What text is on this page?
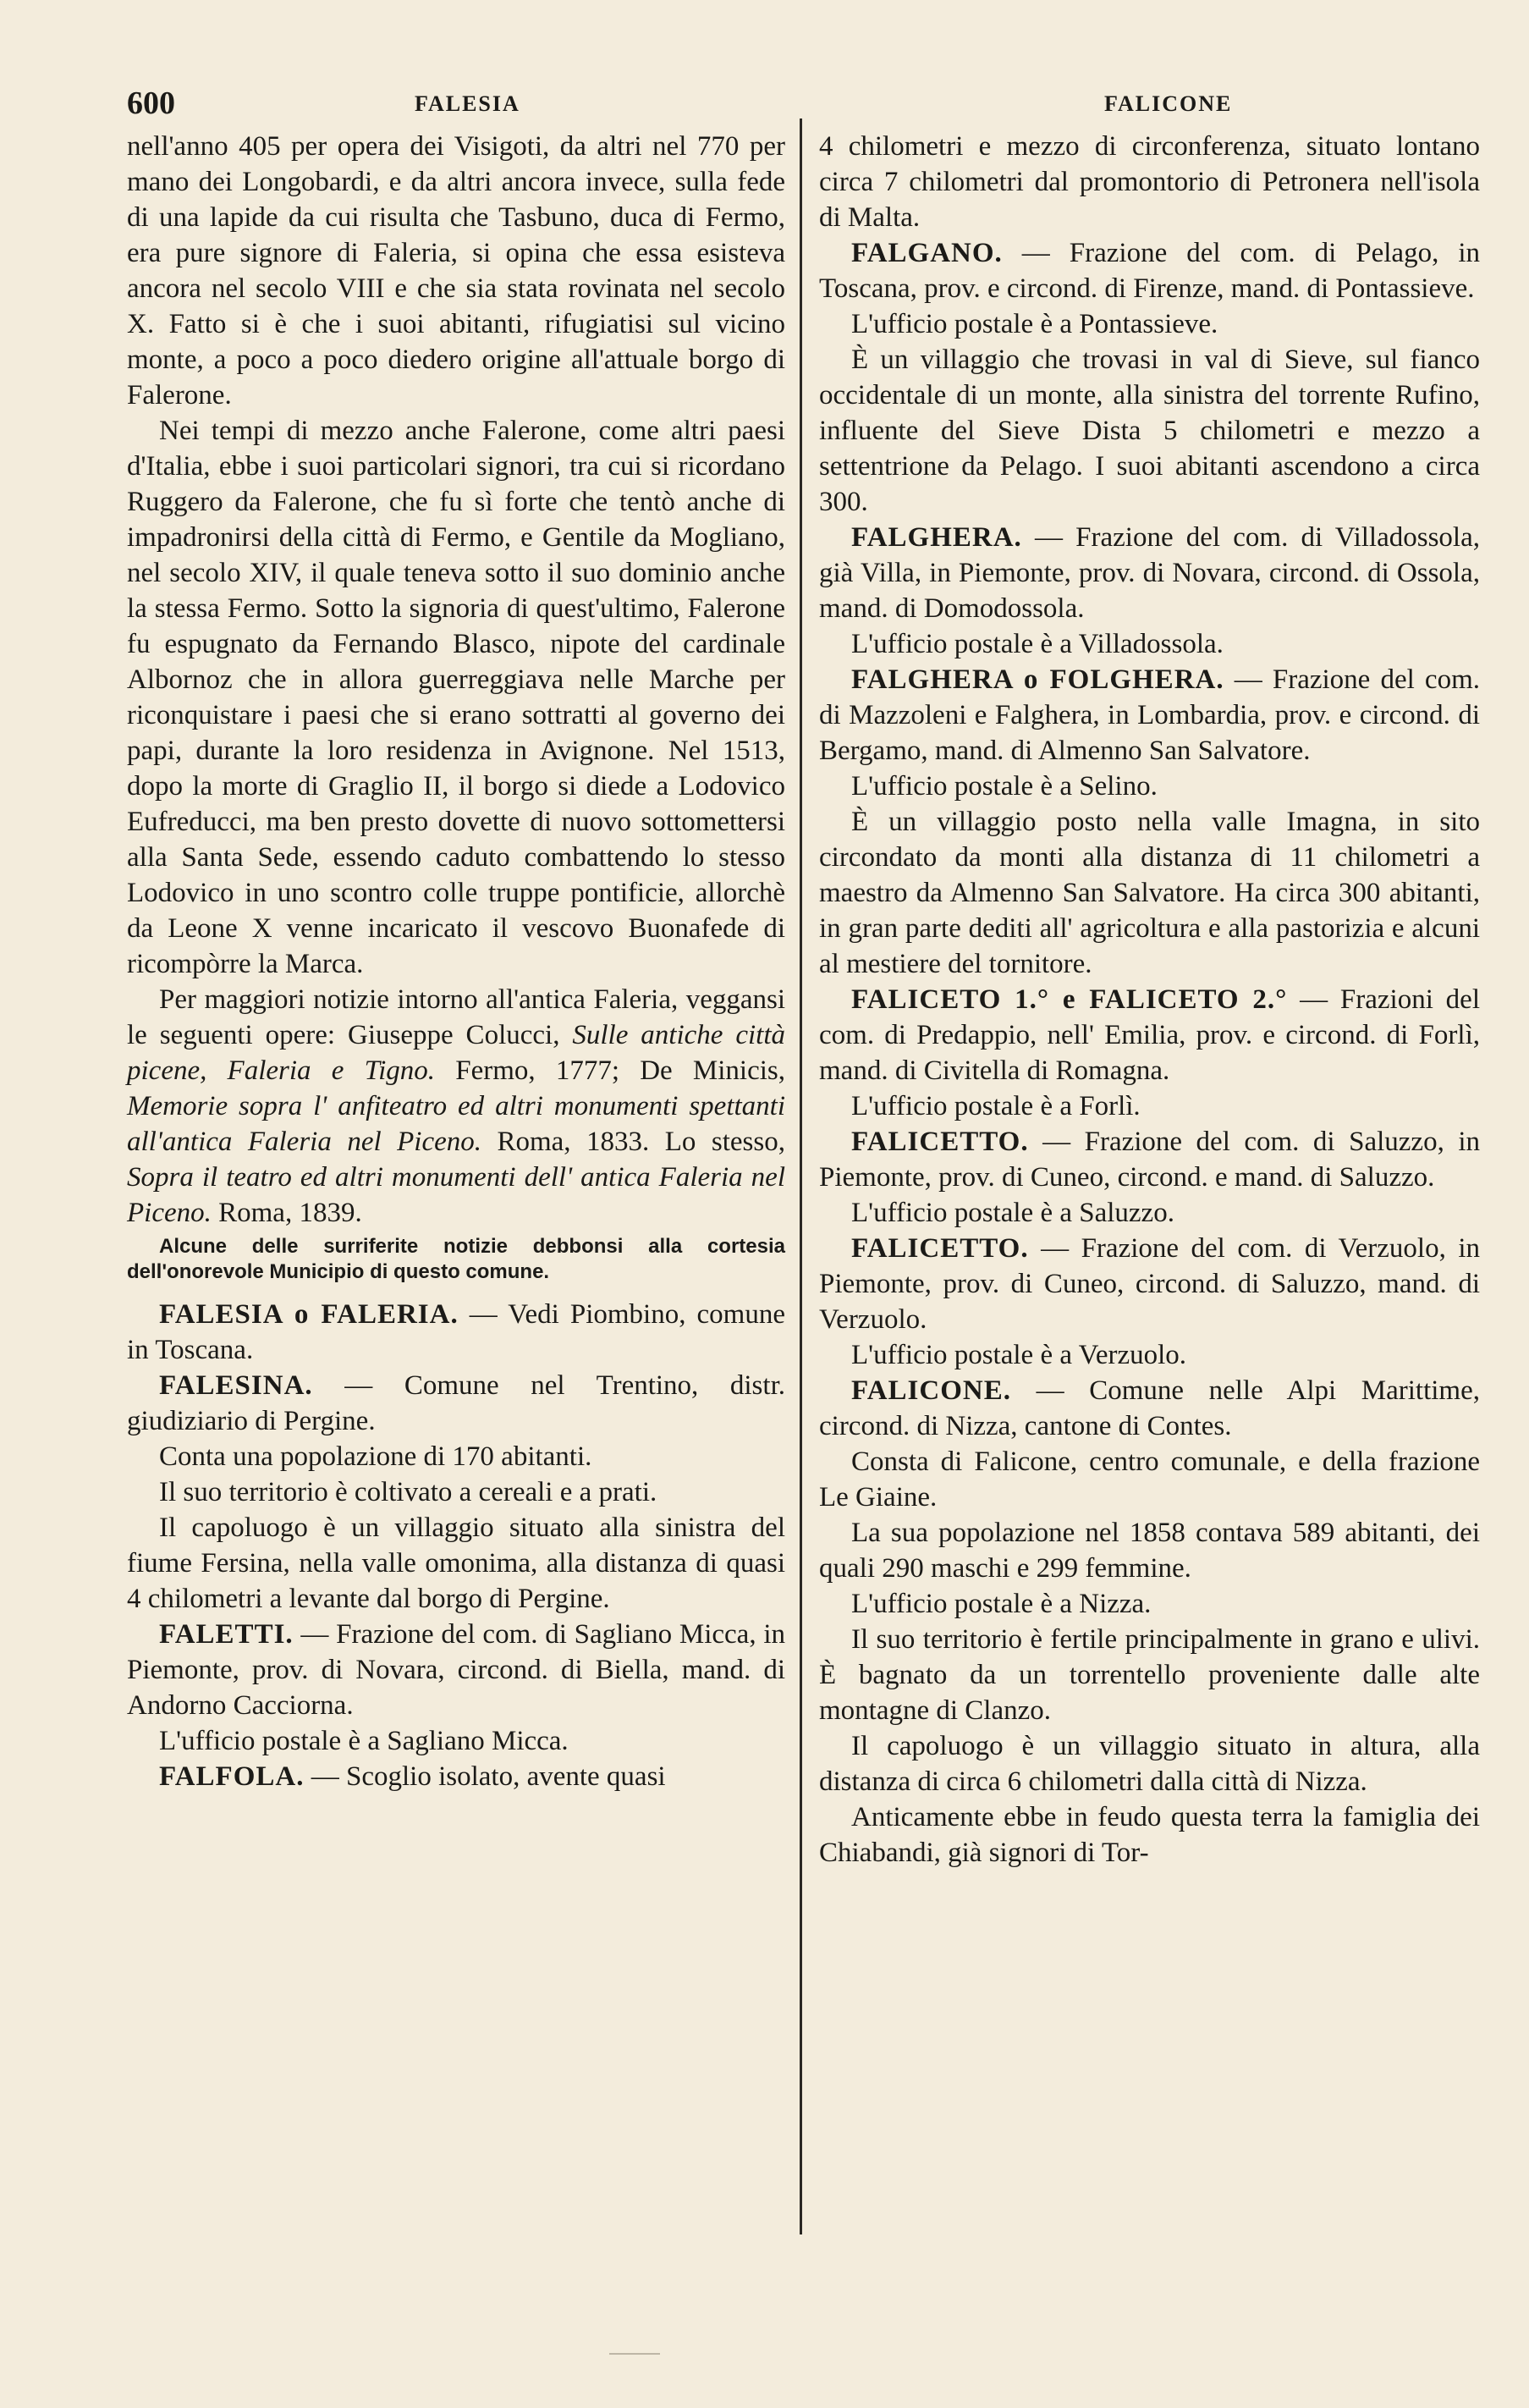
600	FALESIA	FALICONE

nell'anno 405 per opera dei Visigoti, da altri nel 770 per mano dei Longobardi, e da altri ancora invece, sulla fede di una lapide da cui risulta che Tasbuno, duca di Fermo, era pure signore di Faleria, si opina che essa esisteva ancora nel secolo VIII e che sia stata rovinata nel secolo X. Fatto si è che i suoi abitanti, rifugiatisi sul vicino monte, a poco a poco diedero origine all'attuale borgo di Falerone.

Nei tempi di mezzo anche Falerone, come altri paesi d'Italia, ebbe i suoi particolari signori, tra cui si ricordano Ruggero da Falerone, che fu sì forte che tentò anche di impadronirsi della città di Fermo, e Gentile da Mogliano, nel secolo XIV, il quale teneva sotto il suo dominio anche la stessa Fermo. Sotto la signoria di quest'ultimo, Falerone fu espugnato da Fernando Blasco, nipote del cardinale Albornoz che in allora guerreggiava nelle Marche per riconquistare i paesi che si erano sottratti al governo dei papi, durante la loro residenza in Avignone. Nel 1513, dopo la morte di Graglio II, il borgo si diede a Lodovico Eufreducci, ma ben presto dovette di nuovo sottomettersi alla Santa Sede, essendo caduto combattendo lo stesso Lodovico in uno scontro colle truppe pontificie, allorchè da Leone X venne incaricato il vescovo Buonafede di ricompòrre la Marca.

Per maggiori notizie intorno all'antica Faleria, veggansi le seguenti opere: Giuseppe Colucci, Sulle antiche città picene, Faleria e Tigno. Fermo, 1777; De Minicis, Memorie sopra l' anfiteatro ed altri monumenti spettanti all'antica Faleria nel Piceno. Roma, 1833. Lo stesso, Sopra il teatro ed altri monumenti dell' antica Faleria nel Piceno. Roma, 1839.

Alcune delle surriferite notizie debbonsi alla cortesia dell'onorevole Municipio di questo comune.

FALESIA o FALERIA. — Vedi Piombino, comune in Toscana.

FALESINA. — Comune nel Trentino, distr. giudiziario di Pergine.

Conta una popolazione di 170 abitanti.

Il suo territorio è coltivato a cereali e a prati.

Il capoluogo è un villaggio situato alla sinistra del fiume Fersina, nella valle omonima, alla distanza di quasi 4 chilometri a levante dal borgo di Pergine.

FALETTI. — Frazione del com. di Sagliano Micca, in Piemonte, prov. di Novara, circond. di Biella, mand. di Andorno Cacciorna.

L'ufficio postale è a Sagliano Micca.

FALFOLA. — Scoglio isolato, avente quasi

4 chilometri e mezzo di circonferenza, situato lontano circa 7 chilometri dal promontorio di Petronera nell'isola di Malta.

FALGANO. — Frazione del com. di Pelago, in Toscana, prov. e circond. di Firenze, mand. di Pontassieve.

L'ufficio postale è a Pontassieve.

È un villaggio che trovasi in val di Sieve, sul fianco occidentale di un monte, alla sinistra del torrente Rufino, influente del Sieve Dista 5 chilometri e mezzo a settentrione da Pelago. I suoi abitanti ascendono a circa 300.

FALGHERA. — Frazione del com. di Villadossola, già Villa, in Piemonte, prov. di Novara, circond. di Ossola, mand. di Domodossola.

L'ufficio postale è a Villadossola.

FALGHERA o FOLGHERA. — Frazione del com. di Mazzoleni e Falghera, in Lombardia, prov. e circond. di Bergamo, mand. di Almenno San Salvatore.

L'ufficio postale è a Selino.

È un villaggio posto nella valle Imagna, in sito circondato da monti alla distanza di 11 chilometri a maestro da Almenno San Salvatore. Ha circa 300 abitanti, in gran parte dediti all' agricoltura e alla pastorizia e alcuni al mestiere del tornitore.

FALICETO 1.° e FALICETO 2.° — Frazioni del com. di Predappio, nell' Emilia, prov. e circond. di Forlì, mand. di Civitella di Romagna.

L'ufficio postale è a Forlì.

FALICETTO. — Frazione del com. di Saluzzo, in Piemonte, prov. di Cuneo, circond. e mand. di Saluzzo.

L'ufficio postale è a Saluzzo.

FALICETTO. — Frazione del com. di Verzuolo, in Piemonte, prov. di Cuneo, circond. di Saluzzo, mand. di Verzuolo.

L'ufficio postale è a Verzuolo.

FALICONE. — Comune nelle Alpi Marittime, circond. di Nizza, cantone di Contes.

Consta di Falicone, centro comunale, e della frazione Le Giaine.

La sua popolazione nel 1858 contava 589 abitanti, dei quali 290 maschi e 299 femmine.

L'ufficio postale è a Nizza.

Il suo territorio è fertile principalmente in grano e ulivi. È bagnato da un torrentello proveniente dalle alte montagne di Clanzo.

Il capoluogo è un villaggio situato in altura, alla distanza di circa 6 chilometri dalla città di Nizza.

Anticamente ebbe in feudo questa terra la famiglia dei Chiabandi, già signori di Tor-
